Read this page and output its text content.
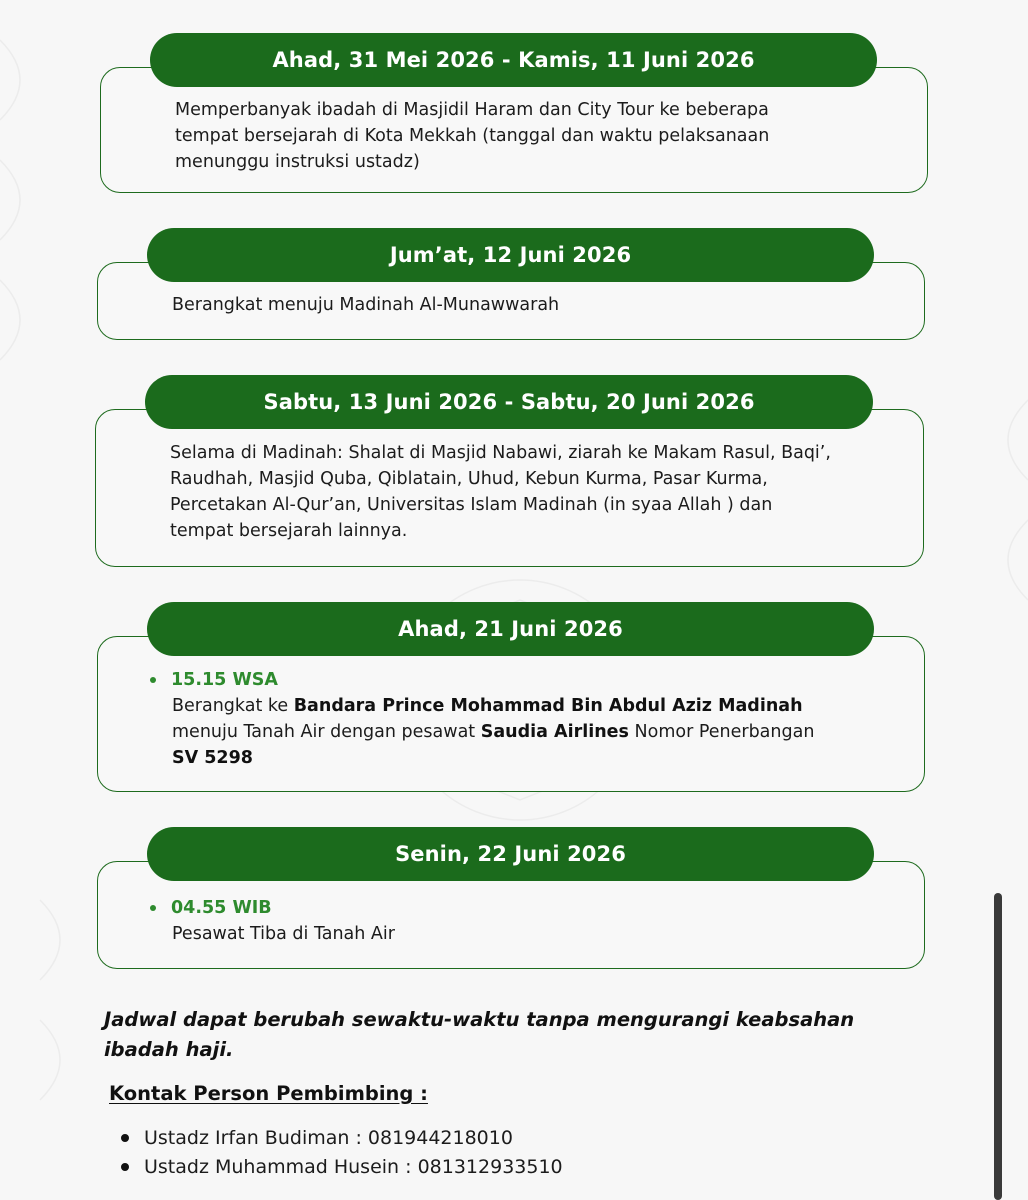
Ahad, 31 Mei 2026 - Kamis, 11 Juni 2026
Memperbanyak ibadah di Masjidil Haram dan City Tour ke beberapa
tempat bersejarah di Kota Mekkah (tanggal dan waktu pelaksanaan
menunggu instruksi ustadz)
Jum’at, 12 Juni 2026
Berangkat menuju Madinah Al-Munawwarah
Sabtu, 13 Juni 2026 - Sabtu, 20 Juni 2026
Selama di Madinah: Shalat di Masjid Nabawi, ziarah ke Makam Rasul, Baqi’,
Raudhah, Masjid Quba, Qiblatain, Uhud, Kebun Kurma, Pasar Kurma,
Percetakan Al-Qur’an, Universitas Islam Madinah (in syaa Allah ) dan
tempat bersejarah lainnya.
Ahad, 21 Juni 2026
15.15 WSA
Berangkat ke Bandara Prince Mohammad Bin Abdul Aziz Madinah
menuju Tanah Air dengan pesawat Saudia Airlines Nomor Penerbangan
SV 5298
Senin, 22 Juni 2026
04.55 WIB
Pesawat Tiba di Tanah Air
Jadwal dapat berubah sewaktu-waktu tanpa mengurangi keabsahan
ibadah haji.
Kontak Person Pembimbing :
Ustadz Irfan Budiman : 081944218010
Ustadz Muhammad Husein : 081312933510
